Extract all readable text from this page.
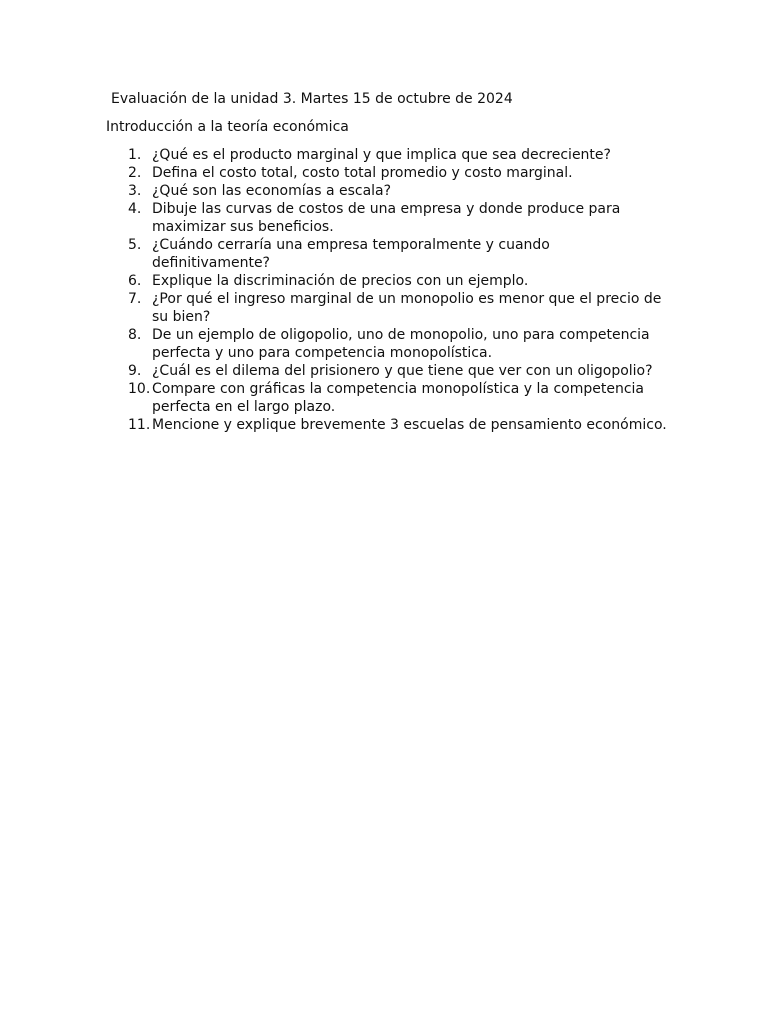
Evaluación de la unidad 3. Martes 15 de octubre de 2024
Introducción a la teoría económica
1. ¿Qué es el producto marginal y que implica que sea decreciente?
2. Defina el costo total, costo total promedio y costo marginal.
3. ¿Qué son las economías a escala?
4. Dibuje las curvas de costos de una empresa y donde produce para
maximizar sus beneficios.
5. ¿Cuándo cerraría una empresa temporalmente y cuando
definitivamente?
6. Explique la discriminación de precios con un ejemplo.
7. ¿Por qué el ingreso marginal de un monopolio es menor que el precio de
su bien?
8. De un ejemplo de oligopolio, uno de monopolio, uno para competencia
perfecta y uno para competencia monopolística.
9. ¿Cuál es el dilema del prisionero y que tiene que ver con un oligopolio?
10. Compare con gráficas la competencia monopolística y la competencia
perfecta en el largo plazo.
11. Mencione y explique brevemente 3 escuelas de pensamiento económico.
